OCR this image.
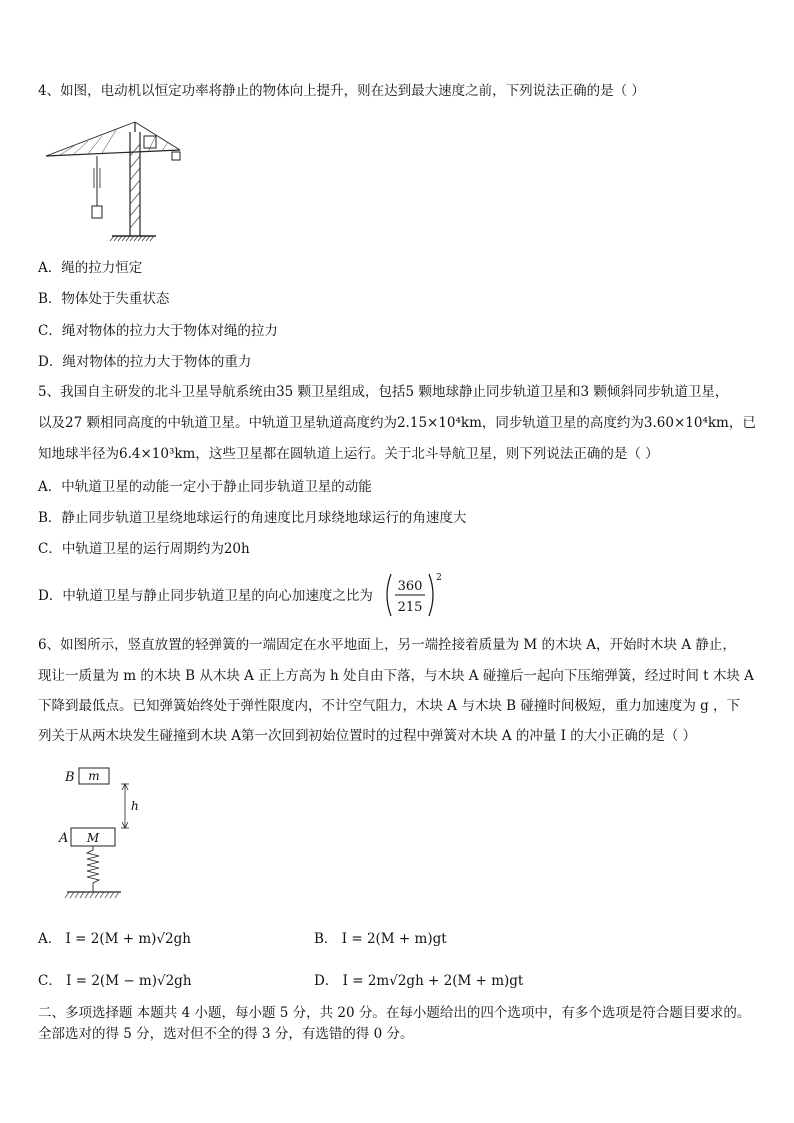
4、如图，电动机以恒定功率将静止的物体向上提升，则在达到最大速度之前，下列说法正确的是（ ）
A．绳的拉力恒定
B．物体处于失重状态
C．绳对物体的拉力大于物体对绳的拉力
D．绳对物体的拉力大于物体的重力
5、我国自主研发的北斗卫星导航系统由35 颗卫星组成，包括5 颗地球静止同步轨道卫星和3 颗倾斜同步轨道卫星，
以及27 颗相同高度的中轨道卫星。中轨道卫星轨道高度约为2.15×10⁴km，同步轨道卫星的高度约为3.60×10⁴km，已
知地球半径为6.4×10³km，这些卫星都在圆轨道上运行。关于北斗导航卫星，则下列说法正确的是（ ）
A．中轨道卫星的动能一定小于静止同步轨道卫星的动能
B．静止同步轨道卫星绕地球运行的角速度比月球绕地球运行的角速度大
C．中轨道卫星的运行周期约为20h
D．中轨道卫星与静止同步轨道卫星的向心加速度之比为
360
215
2
6、如图所示，竖直放置的轻弹簧的一端固定在水平地面上，另一端拴接着质量为 M 的木块 A，开始时木块 A 静止，
现让一质量为 m 的木块 B 从木块 A 正上方高为 h 处自由下落，与木块 A 碰撞后一起向下压缩弹簧，经过时间 t 木块 A
下降到最低点。已知弹簧始终处于弹性限度内，不计空气阻力，木块 A 与木块 B 碰撞时间极短，重力加速度为 g ，下
列关于从两木块发生碰撞到木块 A第一次回到初始位置时的过程中弹簧对木块 A 的冲量 I 的大小正确的是（ ）
B m
h
A M
A． I = 2(M + m)√2gh	B． I = 2(M + m)gt
C． I = 2(M − m)√2gh	D． I = 2m√2gh + 2(M + m)gt
二、多项选择题 本题共 4 小题，每小题 5 分，共 20 分。在每小题给出的四个选项中，有多个选项是符合题目要求的。
全部选对的得 5 分，选对但不全的得 3 分，有选错的得 0 分。
